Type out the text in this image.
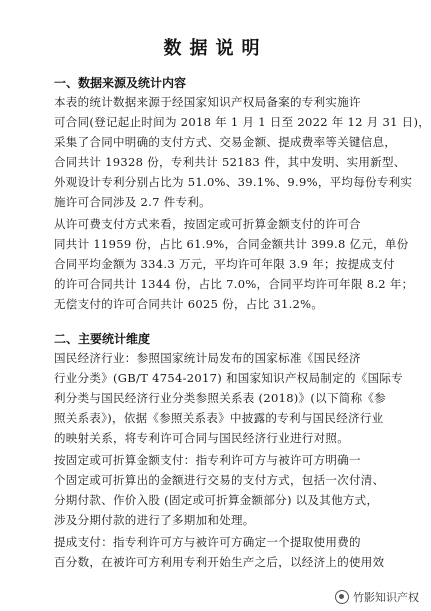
数据说明
一、数据来源及统计内容
本表的统计数据来源于经国家知识产权局备案的专利实施许
可合同(登记起止时间为 2018 年 1 月 1 日至 2022 年 12 月 31 日)，
采集了合同中明确的支付方式、交易金额、提成费率等关键信息，
合同共计 19328 份，专利共计 52183 件，其中发明、实用新型、
外观设计专利分别占比为 51.0%、39.1%、9.9%，平均每份专利实
施许可合同涉及 2.7 件专利。
从许可费支付方式来看，按固定或可折算金额支付的许可合
同共计 11959 份，占比 61.9%，合同金额共计 399.8 亿元，单份
合同平均金额为 334.3 万元，平均许可年限 3.9 年；按提成支付
的许可合同共计 1344 份，占比 7.0%，合同平均许可年限 8.2 年；
无偿支付的许可合同共计 6025 份，占比 31.2%。
二、主要统计维度
国民经济行业：参照国家统计局发布的国家标准《国民经济
行业分类》(GB/T 4754-2017) 和国家知识产权局制定的《国际专
利分类与国民经济行业分类参照关系表 (2018)》(以下简称《参
照关系表》)，依据《参照关系表》中披露的专利与国民经济行业
的映射关系，将专利许可合同与国民经济行业进行对照。
按固定或可折算金额支付：指专利许可方与被许可方明确一
个固定或可折算出的金额进行交易的支付方式，包括一次付清、
分期付款、作价入股 (固定或可折算金额部分) 以及其他方式，
涉及分期付款的进行了多期加和处理。
提成支付：指专利许可方与被许可方确定一个提取使用费的
百分数，在被许可方利用专利开始生产之后，以经济上的使用效
竹影知识产权
